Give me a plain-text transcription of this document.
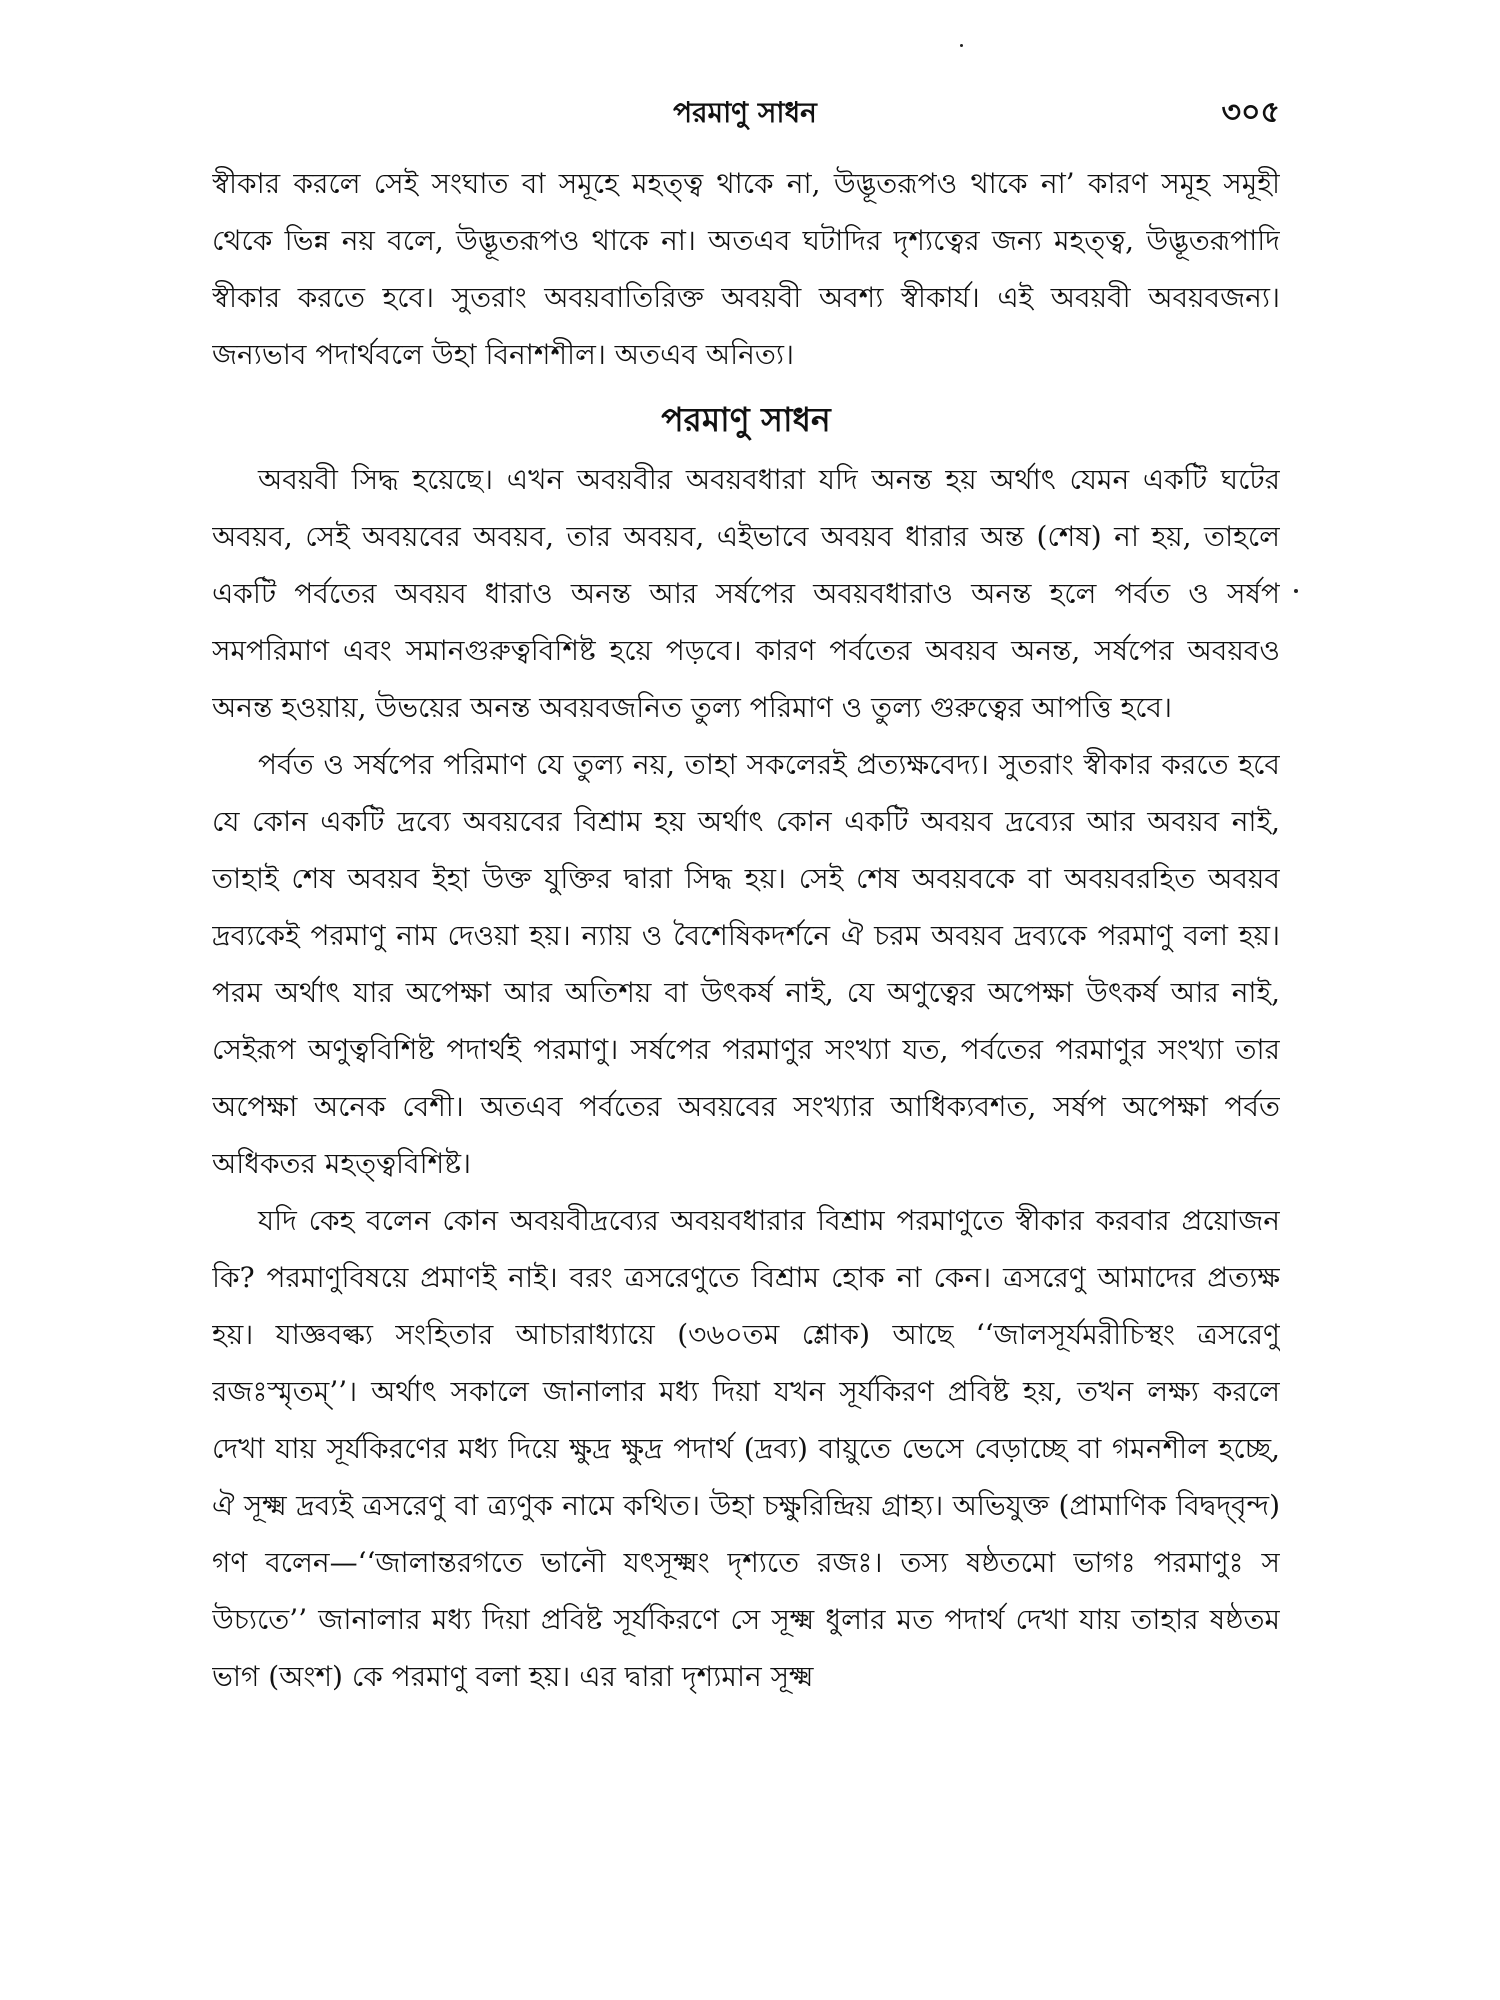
পরমাণু সাধন	৩০৫

স্বীকার করলে সেই সংঘাত বা সমূহে মহত্ত্ব থাকে না, উদ্ভূতরূপও থাকে না’ কারণ সমূহ সমূহী থেকে ভিন্ন নয় বলে, উদ্ভূতরূপও থাকে না। অতএব ঘটাদির দৃশ্যত্বের জন্য মহত্ত্ব, উদ্ভূতরূপাদি স্বীকার করতে হবে। সুতরাং অবয়বাতিরিক্ত অবয়বী অবশ্য স্বীকার্য। এই অবয়বী অবয়বজন্য। জন্যভাব পদার্থবলে উহা বিনাশশীল। অতএব অনিত্য।

পরমাণু সাধন

অবয়বী সিদ্ধ হয়েছে। এখন অবয়বীর অবয়বধারা যদি অনন্ত হয় অর্থাৎ যেমন একটি ঘটের অবয়ব, সেই অবয়বের অবয়ব, তার অবয়ব, এইভাবে অবয়ব ধারার অন্ত (শেষ) না হয়, তাহলে একটি পর্বতের অবয়ব ধারাও অনন্ত আর সর্ষপের অবয়বধারাও অনন্ত হলে পর্বত ও সর্ষপ সমপরিমাণ এবং সমানগুরুত্ববিশিষ্ট হয়ে পড়বে। কারণ পর্বতের অবয়ব অনন্ত, সর্ষপের অবয়বও অনন্ত হওয়ায়, উভয়ের অনন্ত অবয়বজনিত তুল্য পরিমাণ ও তুল্য গুরুত্বের আপত্তি হবে।

পর্বত ও সর্ষপের পরিমাণ যে তুল্য নয়, তাহা সকলেরই প্রত্যক্ষবেদ্য। সুতরাং স্বীকার করতে হবে যে কোন একটি দ্রব্যে অবয়বের বিশ্রাম হয় অর্থাৎ কোন একটি অবয়ব দ্রব্যের আর অবয়ব নাই, তাহাই শেষ অবয়ব ইহা উক্ত যুক্তির দ্বারা সিদ্ধ হয়। সেই শেষ অবয়বকে বা অবয়বরহিত অবয়ব দ্রব্যকেই পরমাণু নাম দেওয়া হয়। ন্যায় ও বৈশেষিকদর্শনে ঐ চরম অবয়ব দ্রব্যকে পরমাণু বলা হয়। পরম অর্থাৎ যার অপেক্ষা আর অতিশয় বা উৎকর্ষ নাই, যে অণুত্বের অপেক্ষা উৎকর্ষ আর নাই, সেইরূপ অণুত্ববিশিষ্ট পদার্থই পরমাণু। সর্ষপের পরমাণুর সংখ্যা যত, পর্বতের পরমাণুর সংখ্যা তার অপেক্ষা অনেক বেশী। অতএব পর্বতের অবয়বের সংখ্যার আধিক্যবশত, সর্ষপ অপেক্ষা পর্বত অধিকতর মহত্ত্ববিশিষ্ট।

যদি কেহ বলেন কোন অবয়বীদ্রব্যের অবয়বধারার বিশ্রাম পরমাণুতে স্বীকার করবার প্রয়োজন কি? পরমাণুবিষয়ে প্রমাণই নাই। বরং ত্রসরেণুতে বিশ্রাম হোক না কেন। ত্রসরেণু আমাদের প্রত্যক্ষ হয়। যাজ্ঞবল্ক্য সংহিতার আচারাধ্যায়ে (৩৬০তম শ্লোক) আছে ‘‘জালসূর্যমরীচিস্থং ত্রসরেণু রজঃস্মৃতম্’’। অর্থাৎ সকালে জানালার মধ্য দিয়া যখন সূর্যকিরণ প্রবিষ্ট হয়, তখন লক্ষ্য করলে দেখা যায় সূর্যকিরণের মধ্য দিয়ে ক্ষুদ্র ক্ষুদ্র পদার্থ (দ্রব্য) বায়ুতে ভেসে বেড়াচ্ছে বা গমনশীল হচ্ছে, ঐ সূক্ষ্ম দ্রব্যই ত্রসরেণু বা ত্র্যণুক নামে কথিত। উহা চক্ষুরিন্দ্রিয় গ্রাহ্য। অভিযুক্ত (প্রামাণিক বিদ্বদ্‌বৃন্দ) গণ বলেন—‘‘জালান্তরগতে ভানৌ যৎসূক্ষ্মং দৃশ্যতে রজঃ। তস্য ষষ্ঠতমো ভাগঃ পরমাণুঃ স উচ্যতে’’ জানালার মধ্য দিয়া প্রবিষ্ট সূর্যকিরণে সে সূক্ষ্ম ধুলার মত পদার্থ দেখা যায় তাহার ষষ্ঠতম ভাগ (অংশ) কে পরমাণু বলা হয়। এর দ্বারা দৃশ্যমান সূক্ষ্ম
